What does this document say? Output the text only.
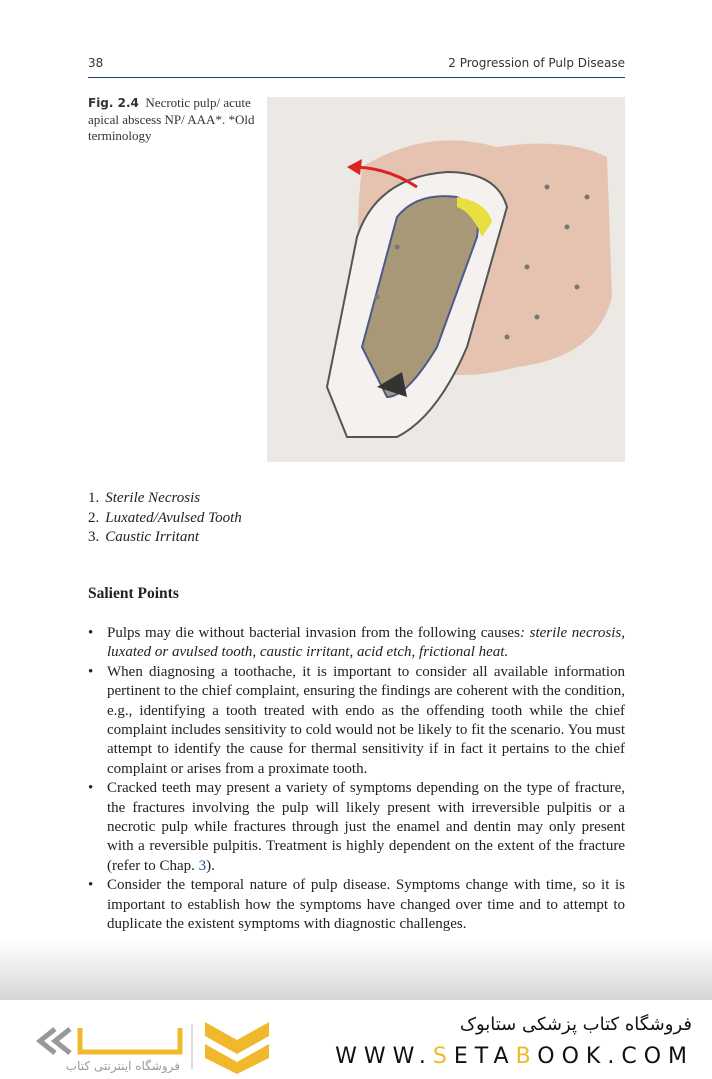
38	2 Progression of Pulp Disease
Fig. 2.4 Necrotic pulp/ acute apical abscess NP/ AAA*. *Old terminology
1. Sterile Necrosis
2. Luxated/Avulsed Tooth
3. Caustic Irritant
Salient Points
• Pulps may die without bacterial invasion from the following causes: sterile necrosis, luxated or avulsed tooth, caustic irritant, acid etch, frictional heat.
• When diagnosing a toothache, it is important to consider all available information pertinent to the chief complaint, ensuring the findings are coherent with the condition, e.g., identifying a tooth treated with endo as the offending tooth while the chief complaint includes sensitivity to cold would not be likely to fit the scenario. You must attempt to identify the cause for thermal sensitivity if in fact it pertains to the chief complaint or arises from a proximate tooth.
• Cracked teeth may present a variety of symptoms depending on the type of fracture, the fractures involving the pulp will likely present with irreversible pulpitis or a necrotic pulp while fractures through just the enamel and dentin may only present with a reversible pulpitis. Treatment is highly dependent on the extent of the fracture (refer to Chap. 3).
• Consider the temporal nature of pulp disease. Symptoms change with time, so it is important to establish how the symptoms have changed over time and to attempt to duplicate the existent symptoms with diagnostic challenges.
فروشگاه اینترنتی کتاب
فروشگاه کتاب پزشکی ستابوک
WWW.SETABOOK.COM
